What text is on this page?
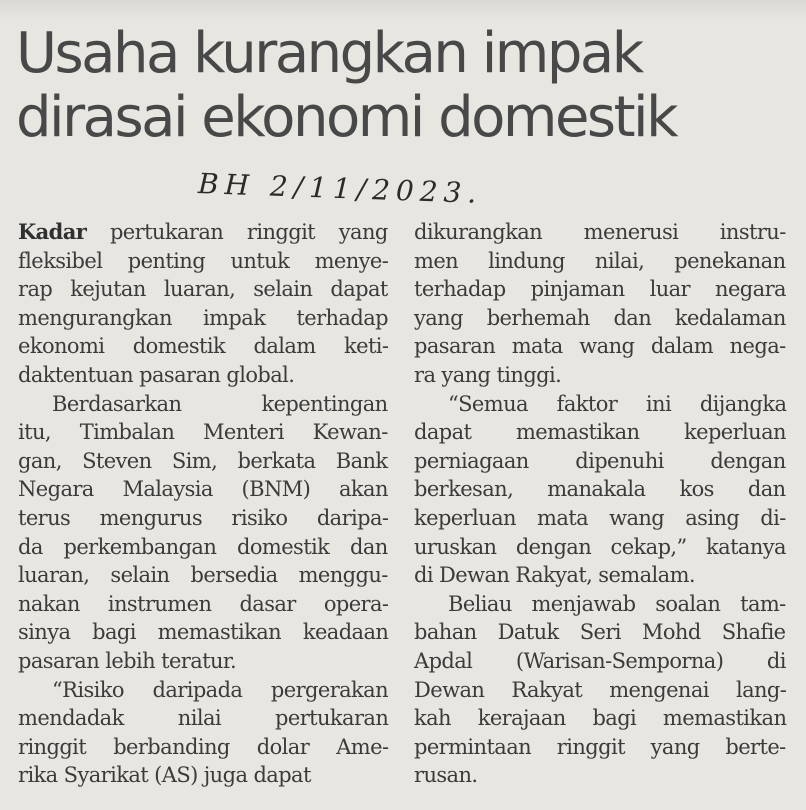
Usaha kurangkan impak
dirasai ekonomi domestik
BH 2/11/2023.

Kadar pertukaran ringgit yang

fleksibel penting untuk menye-

rap kejutan luaran, selain dapat

mengurangkan impak terhadap

ekonomi domestik dalam keti-

daktentuan pasaran global.

Berdasarkan kepentingan

itu, Timbalan Menteri Kewan-

gan, Steven Sim, berkata Bank

Negara Malaysia (BNM) akan

terus mengurus risiko daripa-

da perkembangan domestik dan

luaran, selain bersedia menggu-

nakan instrumen dasar opera-

sinya bagi memastikan keadaan

pasaran lebih teratur.

“Risiko daripada pergerakan

mendadak nilai pertukaran

ringgit berbanding dolar Ame-

rika Syarikat (AS) juga dapat

dikurangkan menerusi instru-

men lindung nilai, penekanan

terhadap pinjaman luar negara

yang berhemah dan kedalaman

pasaran mata wang dalam nega-

ra yang tinggi.

“Semua faktor ini dijangka

dapat memastikan keperluan

perniagaan dipenuhi dengan

berkesan, manakala kos dan

keperluan mata wang asing di-

uruskan dengan cekap,” katanya

di Dewan Rakyat, semalam.

Beliau menjawab soalan tam-

bahan Datuk Seri Mohd Shafie

Apdal (Warisan-Semporna) di

Dewan Rakyat mengenai lang-

kah kerajaan bagi memastikan

permintaan ringgit yang berte-

rusan.
